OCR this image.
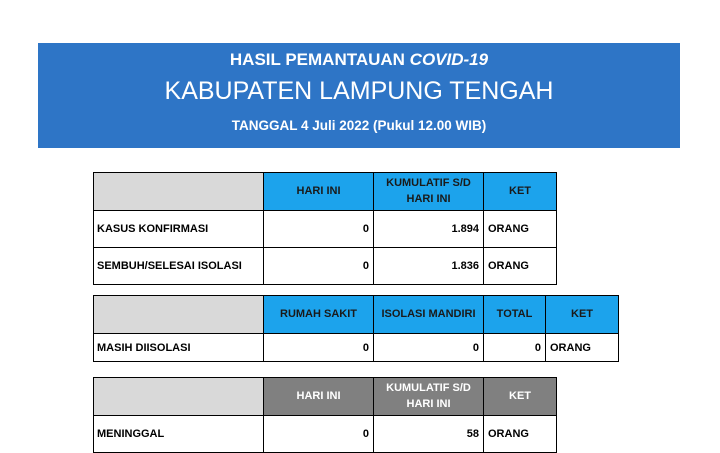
HASIL PEMANTAUAN COVID-19
KABUPATEN LAMPUNG TENGAH
TANGGAL 4 Juli 2022 (Pukul 12.00 WIB)
	HARI INI	KUMULATIF S/D HARI INI	KET
KASUS KONFIRMASI	0	1.894	ORANG
SEMBUH/SELESAI ISOLASI	0	1.836	ORANG
	RUMAH SAKIT	ISOLASI MANDIRI	TOTAL	KET
MASIH DIISOLASI	0	0	0	ORANG
	HARI INI	KUMULATIF S/D HARI INI	KET
MENINGGAL	0	58	ORANG
